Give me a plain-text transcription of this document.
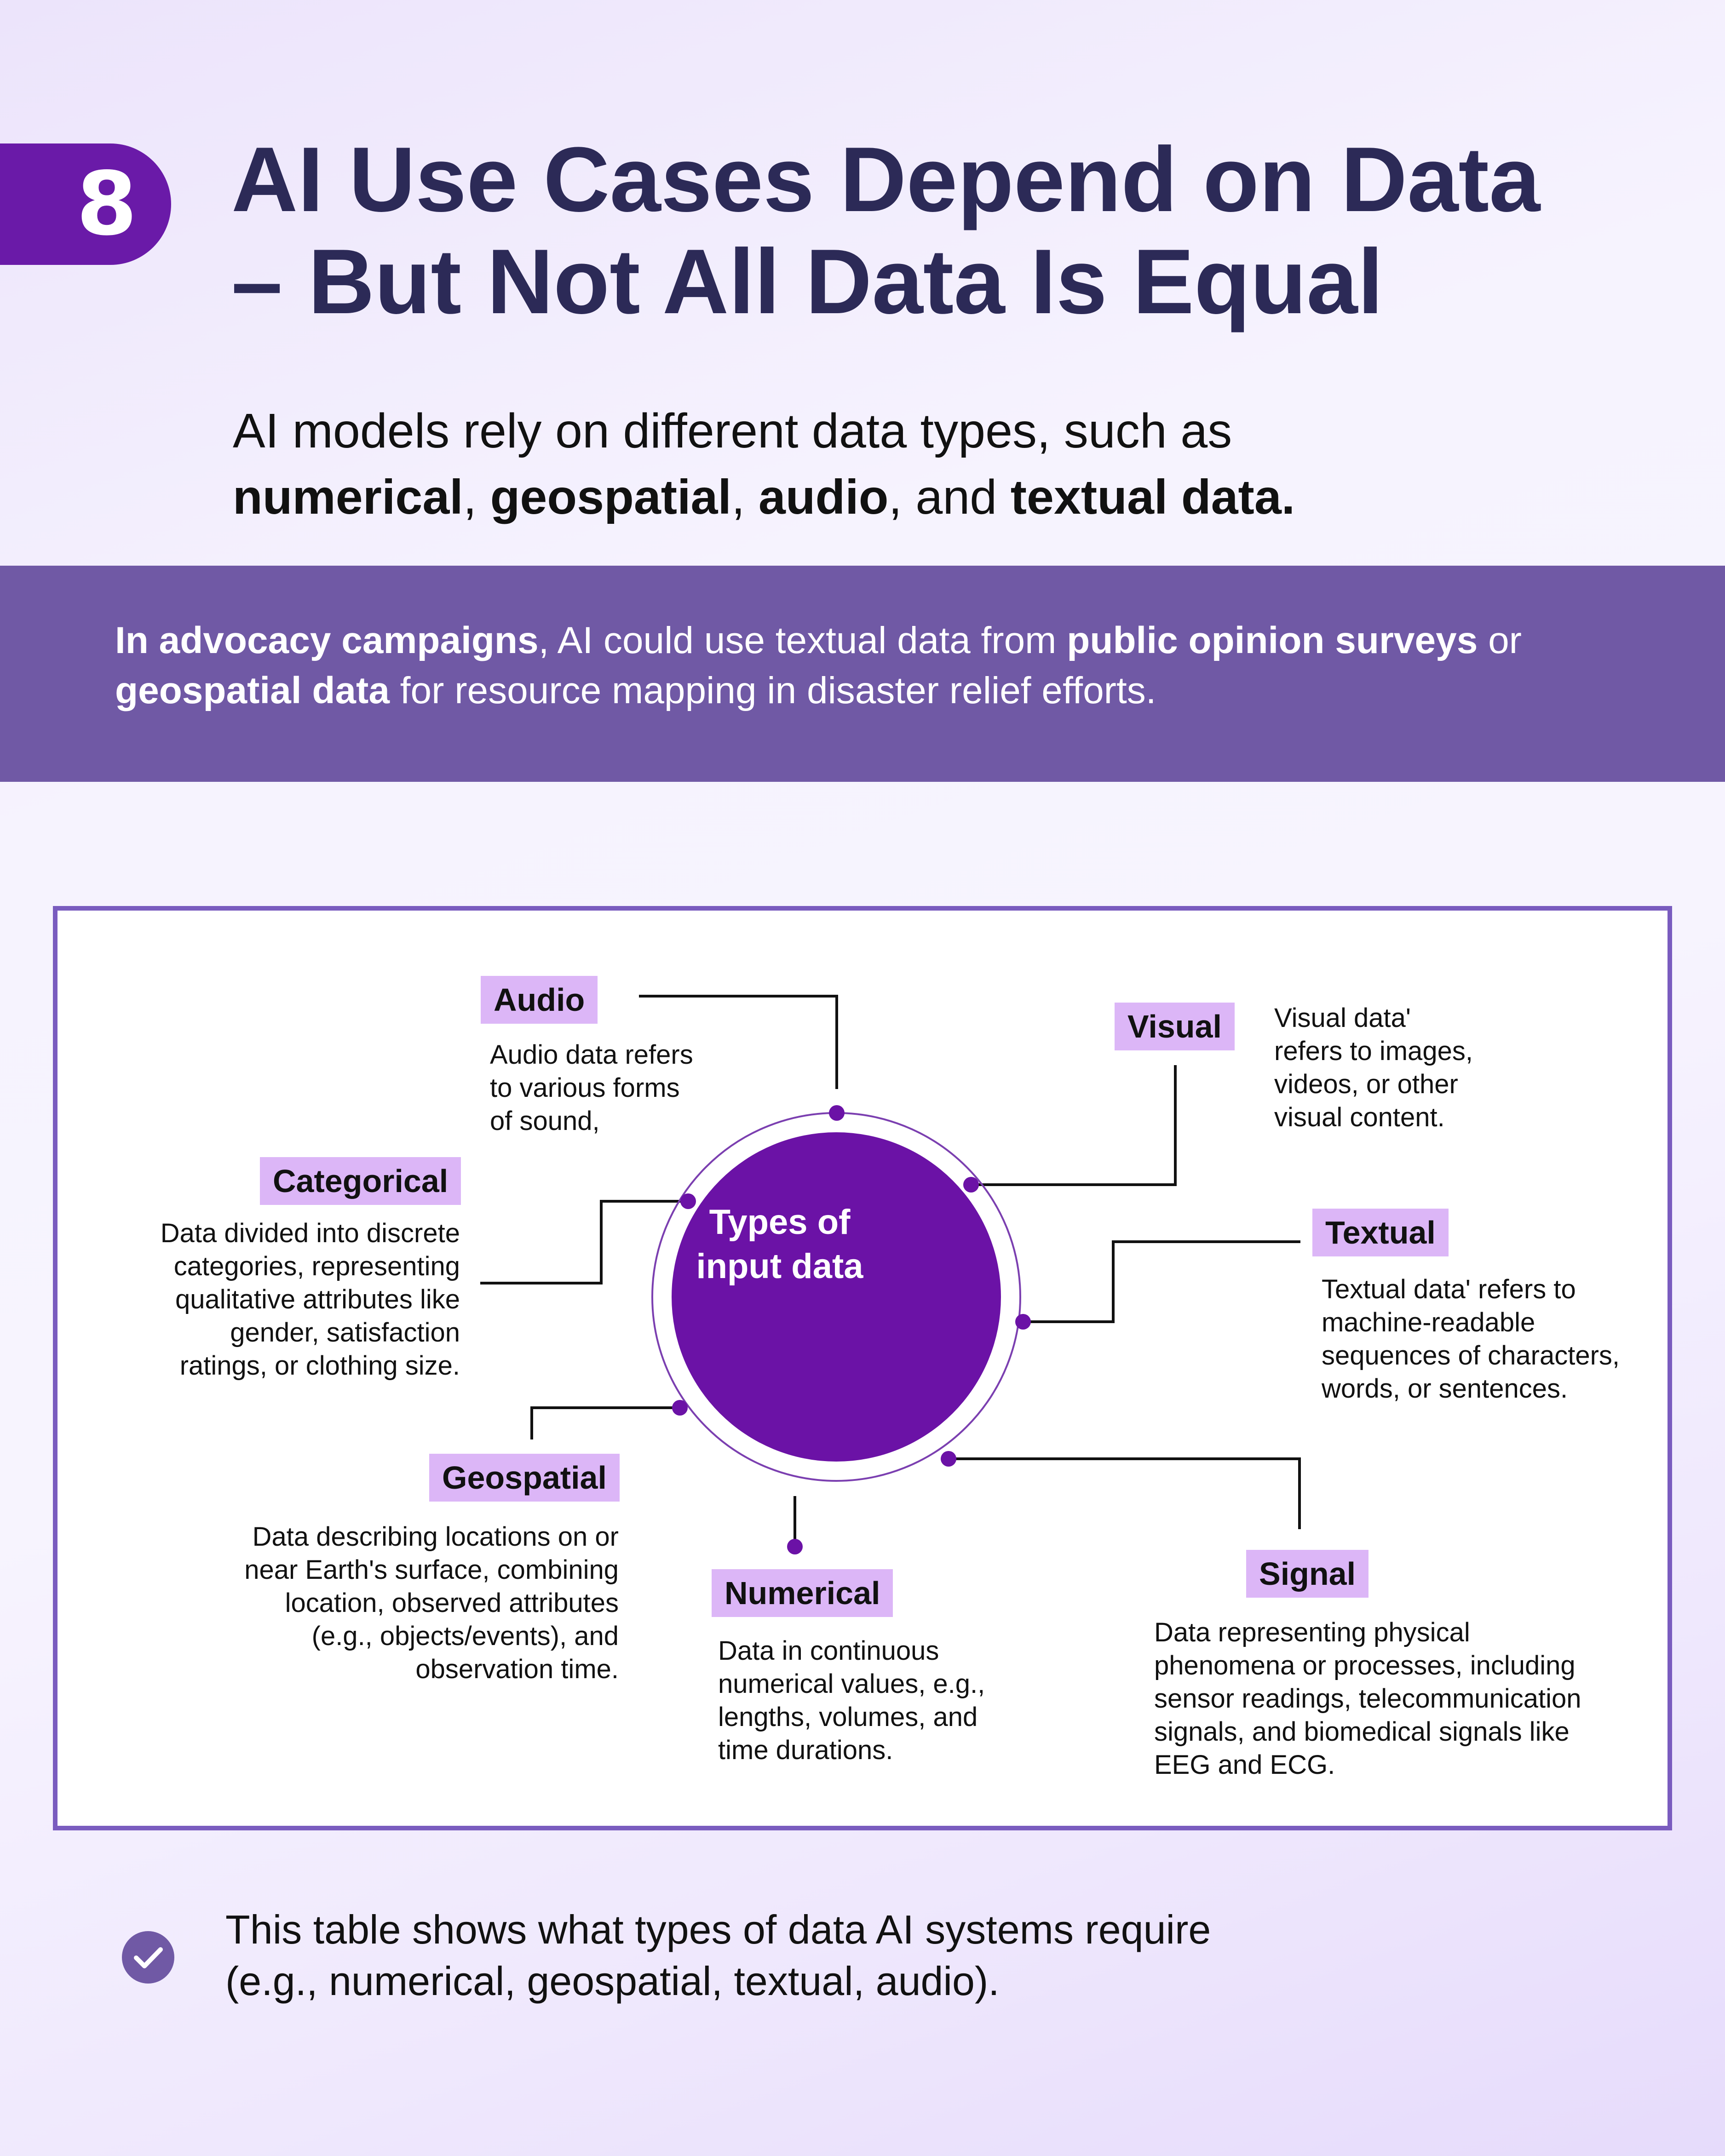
8 AI Use Cases Depend on Data
– But Not All Data Is Equal
AI models rely on different data types, such as
numerical, geospatial, audio, and textual data.
In advocacy campaigns, AI could use textual data from public opinion surveys or geospatial data for resource mapping in disaster relief efforts.
Types of
input data
Audio
Audio data refers
to various forms
of sound,
Visual	Visual data'
refers to images,
videos, or other
visual content.
Categorical
Data divided into discrete
categories, representing
qualitative attributes like
gender, satisfaction
ratings, or clothing size.
Textual
Textual data' refers to
machine-readable
sequences of characters,
words, or sentences.
Geospatial
Data describing locations on or
near Earth's surface, combining
location, observed attributes
(e.g., objects/events), and
observation time.
Numerical
Data in continuous
numerical values, e.g.,
lengths, volumes, and
time durations.
Signal
Data representing physical
phenomena or processes, including
sensor readings, telecommunication
signals, and biomedical signals like
EEG and ECG.
This table shows what types of data AI systems require
(e.g., numerical, geospatial, textual, audio).
